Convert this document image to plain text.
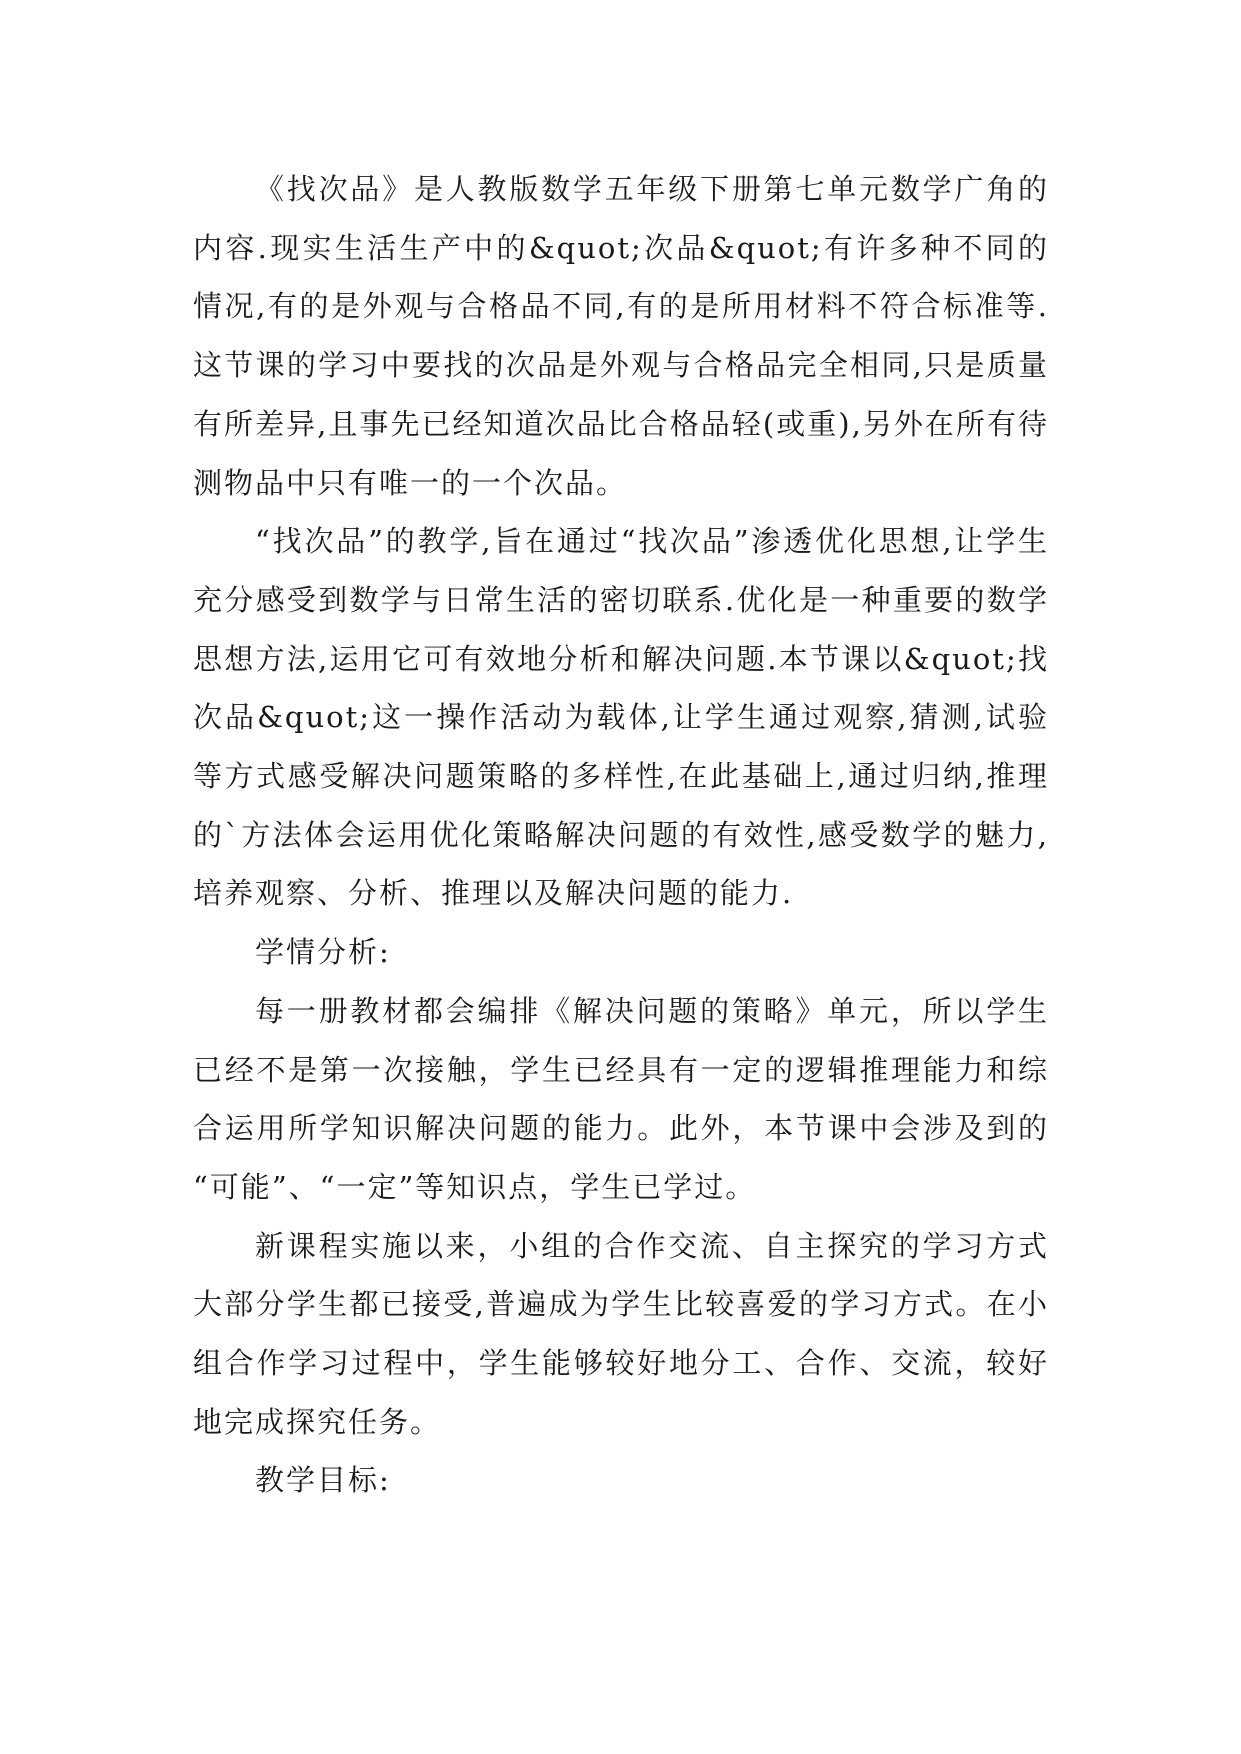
《找次品》是人教版数学五年级下册第七单元数学广角的内容.现实生活生产中的&quot;次品&quot;有许多种不同的情况,有的是外观与合格品不同,有的是所用材料不符合标准等.这节课的学习中要找的次品是外观与合格品完全相同,只是质量有所差异,且事先已经知道次品比合格品轻(或重),另外在所有待测物品中只有唯一的一个次品。

“找次品”的教学,旨在通过“找次品”渗透优化思想,让学生充分感受到数学与日常生活的密切联系.优化是一种重要的数学思想方法,运用它可有效地分析和解决问题.本节课以&quot;找次品&quot;这一操作活动为载体,让学生通过观察,猜测,试验等方式感受解决问题策略的多样性,在此基础上,通过归纳,推理的`方法体会运用优化策略解决问题的有效性,感受数学的魅力,培养观察、分析、推理以及解决问题的能力.

学情分析:

每一册教材都会编排《解决问题的策略》单元，所以学生已经不是第一次接触，学生已经具有一定的逻辑推理能力和综合运用所学知识解决问题的能力。此外，本节课中会涉及到的 “可能”、“一定”等知识点，学生已学过。

新课程实施以来，小组的合作交流、自主探究的学习方式大部分学生都已接受,普遍成为学生比较喜爱的学习方式。在小组合作学习过程中，学生能够较好地分工、合作、交流，较好地完成探究任务。

教学目标:
